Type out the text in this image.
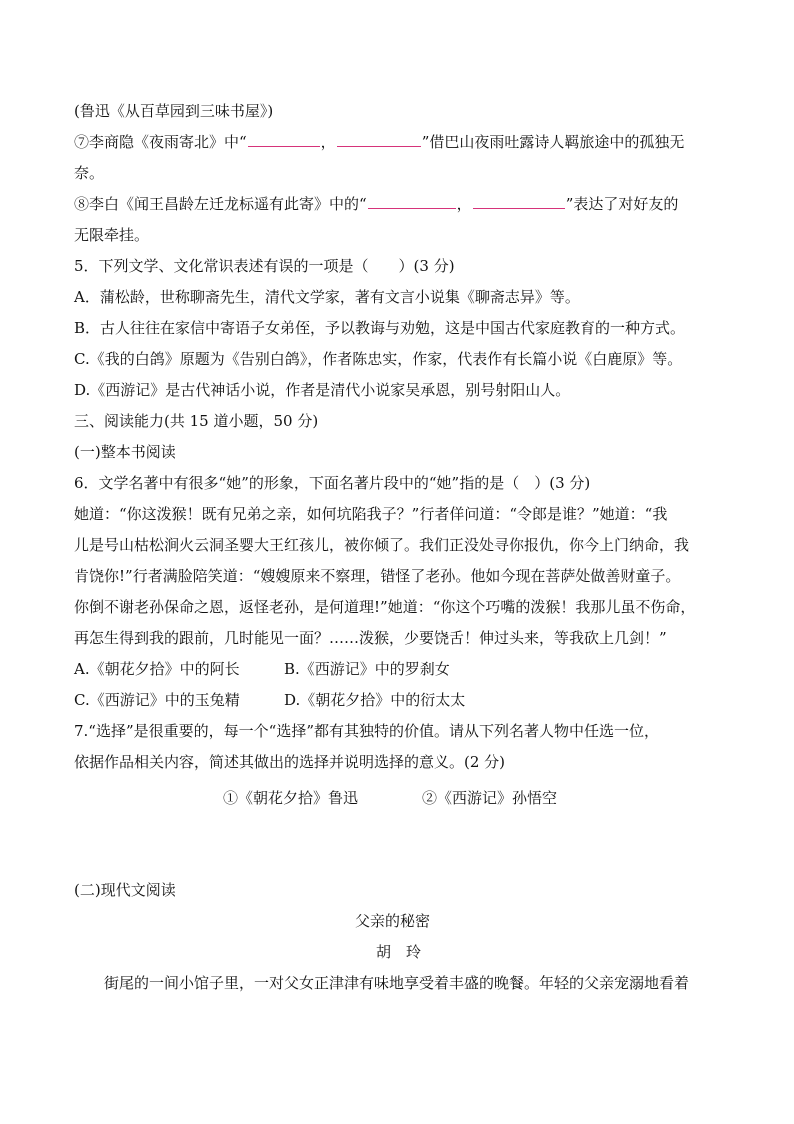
(鲁迅《从百草园到三味书屋》)
⑦李商隐《夜雨寄北》中“	，	”借巴山夜雨吐露诗人羁旅途中的孤独无
奈。
⑧李白《闻王昌龄左迁龙标遥有此寄》中的“	，	”表达了对好友的
无限牵挂。
5．下列文学、文化常识表述有误的一项是（　　）(3 分)
A．蒲松龄，世称聊斋先生，清代文学家，著有文言小说集《聊斋志异》等。
B．古人往往在家信中寄语子女弟侄，予以教诲与劝勉，这是中国古代家庭教育的一种方式。
C.《我的白鸽》原题为《告别白鸽》，作者陈忠实，作家，代表作有长篇小说《白鹿原》等。
D.《西游记》是古代神话小说，作者是清代小说家吴承恩，别号射阳山人。
三、阅读能力(共 15 道小题，50 分)
(一)整本书阅读
6．文学名著中有很多“她”的形象，下面名著片段中的“她”指的是（　）(3 分)
她道：“你这泼猴！既有兄弟之亲，如何坑陷我子？”行者佯问道：“令郎是谁？”她道：“我
儿是号山枯松涧火云洞圣婴大王红孩儿，被你倾了。我们正没处寻你报仇，你今上门纳命，我
肯饶你!”行者满脸陪笑道：“嫂嫂原来不察理，错怪了老孙。他如今现在菩萨处做善财童子。
你倒不谢老孙保命之恩，返怪老孙，是何道理!”她道：“你这个巧嘴的泼猴！我那儿虽不伤命，
再怎生得到我的跟前，几时能见一面？……泼猴，少要饶舌！伸过头来，等我砍上几剑！”
A.《朝花夕拾》中的阿长	B.《西游记》中的罗刹女
C.《西游记》中的玉兔精	D.《朝花夕拾》中的衍太太
7.“选择”是很重要的，每一个“选择”都有其独特的价值。请从下列名著人物中任选一位，
依据作品相关内容，简述其做出的选择并说明选择的意义。(2 分)
①《朝花夕拾》鲁迅	②《西游记》孙悟空
(二)现代文阅读
父亲的秘密
胡　玲
街尾的一间小馆子里，一对父女正津津有味地享受着丰盛的晚餐。年轻的父亲宠溺地看着
